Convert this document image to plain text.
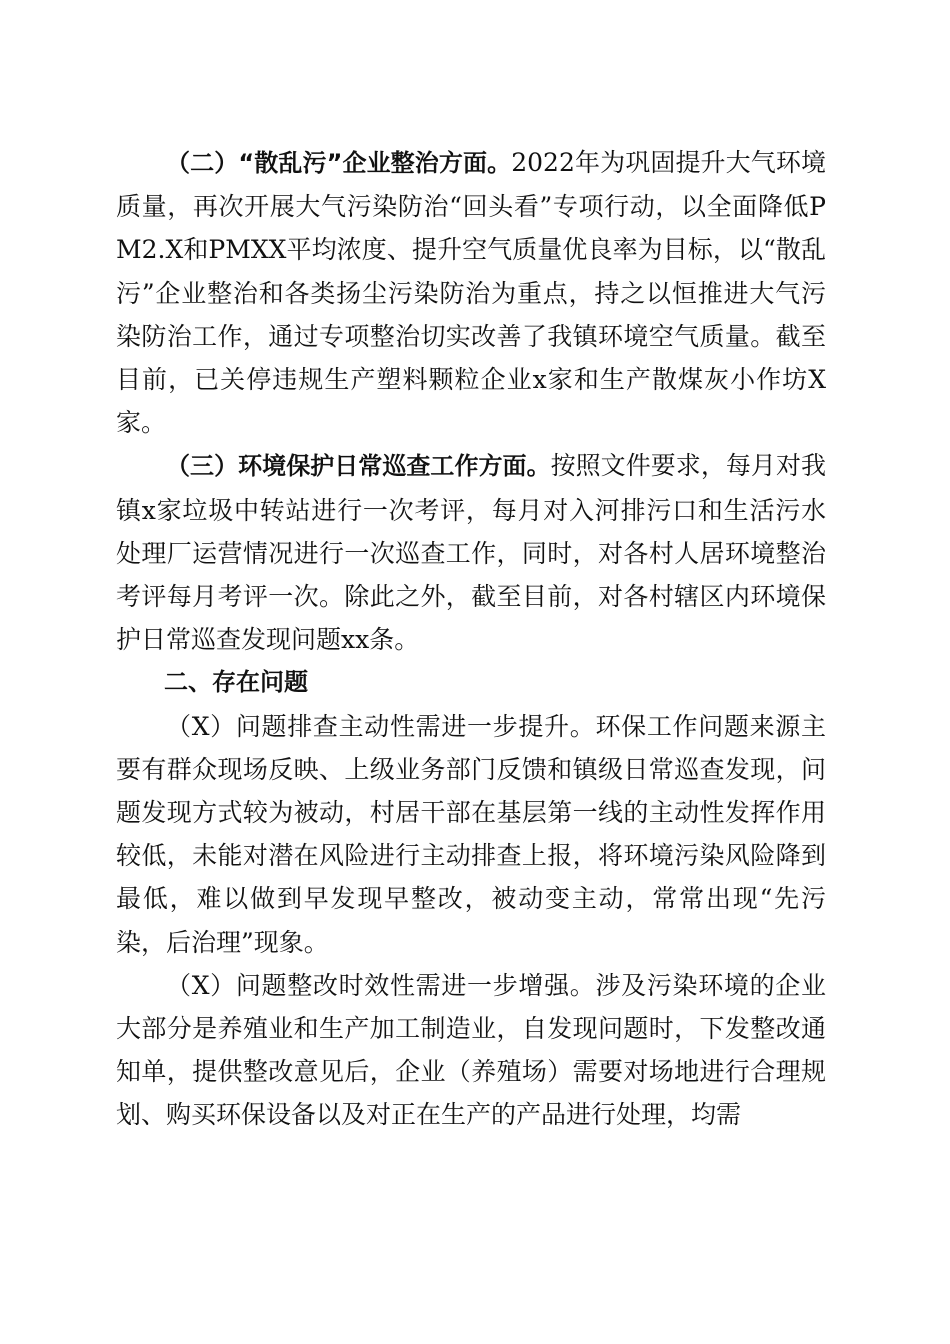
（二）“散乱污”企业整治方面。2022年为巩固提升大气环境质量，再次开展大气污染防治“回头看”专项行动，以全面降低PM2.X和PMXX平均浓度、提升空气质量优良率为目标，以“散乱污”企业整治和各类扬尘污染防治为重点，持之以恒推进大气污染防治工作，通过专项整治切实改善了我镇环境空气质量。截至目前，已关停违规生产塑料颗粒企业x家和生产散煤灰小作坊X家。

（三）环境保护日常巡查工作方面。按照文件要求，每月对我镇x家垃圾中转站进行一次考评，每月对入河排污口和生活污水处理厂运营情况进行一次巡查工作，同时，对各村人居环境整治考评每月考评一次。除此之外，截至目前，对各村辖区内环境保护日常巡查发现问题xx条。

二、存在问题

（X）问题排查主动性需进一步提升。环保工作问题来源主要有群众现场反映、上级业务部门反馈和镇级日常巡查发现，问题发现方式较为被动，村居干部在基层第一线的主动性发挥作用较低，未能对潜在风险进行主动排查上报，将环境污染风险降到最低，难以做到早发现早整改，被动变主动，常常出现“先污染，后治理”现象。

（X）问题整改时效性需进一步增强。涉及污染环境的企业大部分是养殖业和生产加工制造业，自发现问题时，下发整改通知单，提供整改意见后，企业（养殖场）需要对场地进行合理规划、购买环保设备以及对正在生产的产品进行处理，均需
